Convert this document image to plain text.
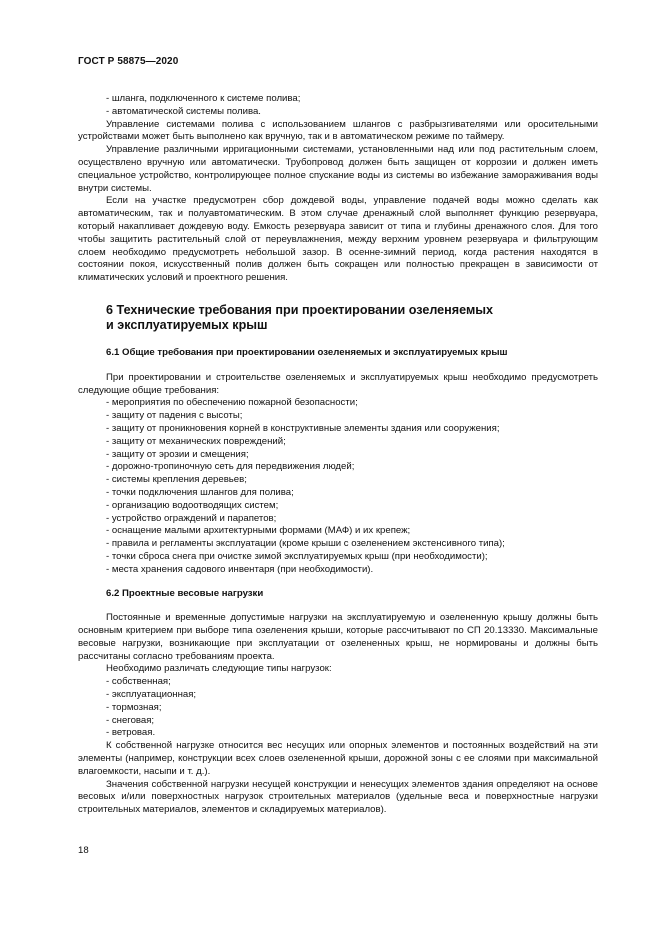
ГОСТ Р 58875—2020

- шланга, подключенного к системе полива;

- автоматической системы полива.

Управление системами полива с использованием шлангов с разбрызгивателями или оросительными устройствами может быть выполнено как вручную, так и в автоматическом режиме по таймеру.

Управление различными ирригационными системами, установленными над или под растительным слоем, осуществлено вручную или автоматически. Трубопровод должен быть защищен от коррозии и должен иметь специальное устройство, контролирующее полное спускание воды из системы во избежание замораживания воды внутри системы.

Если на участке предусмотрен сбор дождевой воды, управление подачей воды можно сделать как автоматическим, так и полуавтоматическим. В этом случае дренажный слой выполняет функцию резервуара, который накапливает дождевую воду. Емкость резервуара зависит от типа и глубины дренажного слоя. Для того чтобы защитить растительный слой от переувлажнения, между верхним уровнем резервуара и фильтрующим слоем необходимо предусмотреть небольшой зазор. В осенне-зимний период, когда растения находятся в состоянии покоя, искусственный полив должен быть сокращен или полностью прекращен в зависимости от климатических условий и проектного решения.

6 Технические требования при проектировании озеленяемых
и эксплуатируемых крыш
6.1 Общие требования при проектировании озеленяемых и эксплуатируемых крыш

При проектировании и строительстве озеленяемых и эксплуатируемых крыш необходимо предусмотреть следующие общие требования:

- мероприятия по обеспечению пожарной безопасности;

- защиту от падения с высоты;

- защиту от проникновения корней в конструктивные элементы здания или сооружения;

- защиту от механических повреждений;

- защиту от эрозии и смещения;

- дорожно-тропиночную сеть для передвижения людей;

- системы крепления деревьев;

- точки подключения шлангов для полива;

- организацию водоотводящих систем;

- устройство ограждений и парапетов;

- оснащение малыми архитектурными формами (МАФ) и их крепеж;

- правила и регламенты эксплуатации (кроме крыши с озеленением экстенсивного типа);

- точки сброса снега при очистке зимой эксплуатируемых крыш (при необходимости);

- места хранения садового инвентаря (при необходимости).

6.2 Проектные весовые нагрузки

Постоянные и временные допустимые нагрузки на эксплуатируемую и озелененную крышу должны быть основным критерием при выборе типа озеленения крыши, которые рассчитывают по СП 20.13330. Максимальные весовые нагрузки, возникающие при эксплуатации от озелененных крыш, не нормированы и должны быть рассчитаны согласно требованиям проекта.

Необходимо различать следующие типы нагрузок:

- собственная;

- эксплуатационная;

- тормозная;

- снеговая;

- ветровая.

К собственной нагрузке относится вес несущих или опорных элементов и постоянных воздействий на эти элементы (например, конструкции всех слоев озелененной крыши, дорожной зоны с ее слоями при максимальной влагоемкости, насыпи и т. д.).

Значения собственной нагрузки несущей конструкции и ненесущих элементов здания определяют на основе весовых и/или поверхностных нагрузок строительных материалов (удельные веса и поверхностные нагрузки строительных материалов, элементов и складируемых материалов).

18
